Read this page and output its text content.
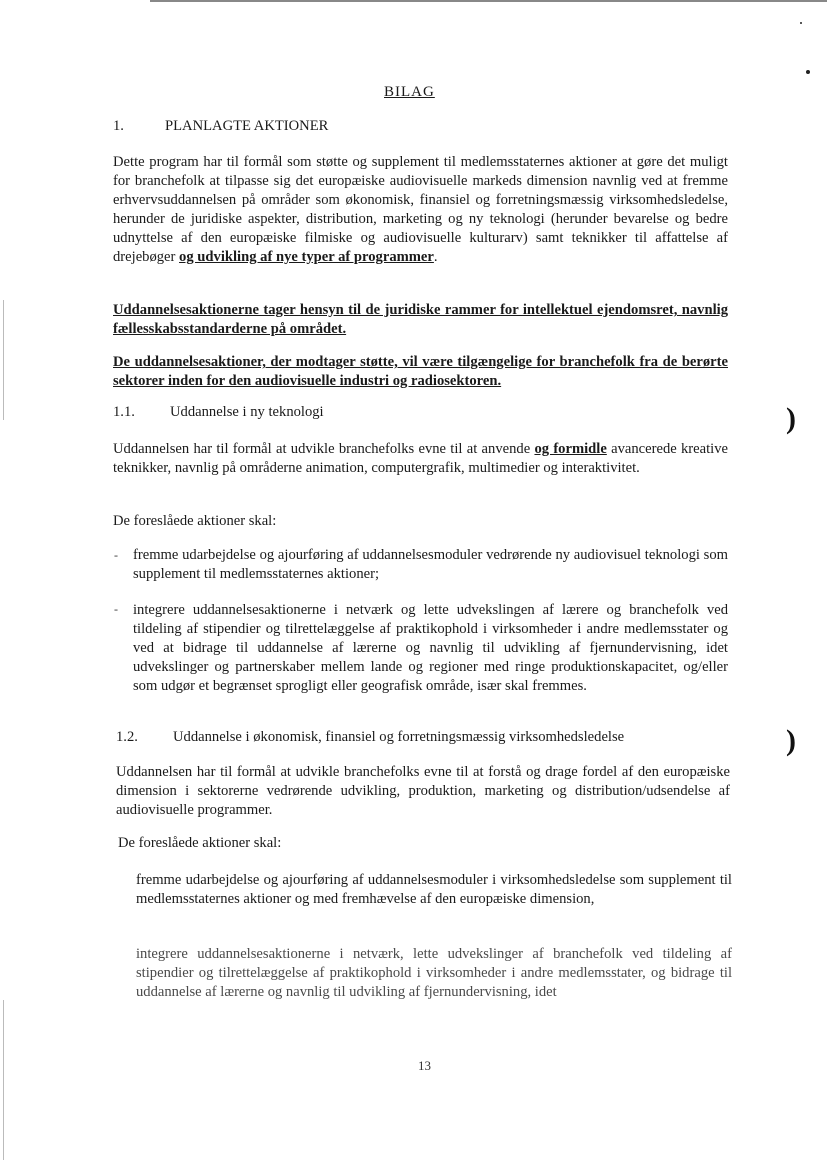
)
)
BILAG
1.	PLANLAGTE AKTIONER

Dette program har til formål som støtte og supplement til medlemsstaternes aktioner at gøre det muligt for branchefolk at tilpasse sig det europæiske audiovisuelle markeds dimension navnlig ved at fremme erhvervsuddannelsen på områder som økonomisk, finansiel og forretningsmæssig virksomhedsledelse, herunder de juridiske aspekter, distribution, marketing og ny teknologi (herunder bevarelse og bedre udnyttelse af den europæiske filmiske og audiovisuelle kulturarv) samt teknikker til affattelse af drejebøger og udvikling af nye typer af programmer.

Uddannelsesaktionerne tager hensyn til de juridiske rammer for intellektuel ejendomsret, navnlig fællesskabsstandarderne på området.

De uddannelsesaktioner, der modtager støtte, vil være tilgængelige for branchefolk fra de berørte sektorer inden for den audiovisuelle industri og radiosektoren.

1.1. Uddannelse i ny teknologi

Uddannelsen har til formål at udvikle branchefolks evne til at anvende og formidle avancerede kreative teknikker, navnlig på områderne animation, computergrafik, multimedier og interaktivitet.

De foreslåede aktioner skal:

- fremme udarbejdelse og ajourføring af uddannelsesmoduler vedrørende ny audiovisuel teknologi som supplement til medlemsstaternes aktioner;

- integrere uddannelsesaktionerne i netværk og lette udvekslingen af lærere og branchefolk ved tildeling af stipendier og tilrettelæggelse af praktikophold i virksomheder i andre medlemsstater og ved at bidrage til uddannelse af lærerne og navnlig til udvikling af fjernundervisning, idet udvekslinger og partnerskaber mellem lande og regioner med ringe produktionskapacitet, og/eller som udgør et begrænset sprogligt eller geografisk område, især skal fremmes.

1.2. Uddannelse i økonomisk, finansiel og forretningsmæssig virksomhedsledelse

Uddannelsen har til formål at udvikle branchefolks evne til at forstå og drage fordel af den europæiske dimension i sektorerne vedrørende udvikling, produktion, marketing og distribution/udsendelse af audiovisuelle programmer.

De foreslåede aktioner skal:

fremme udarbejdelse og ajourføring af uddannelsesmoduler i virksomhedsledelse som supplement til medlemsstaternes aktioner og med fremhævelse af den europæiske dimension,

integrere uddannelsesaktionerne i netværk, lette udvekslinger af branchefolk ved tildeling af stipendier og tilrettelæggelse af praktikophold i virksomheder i andre medlemsstater, og bidrage til uddannelse af lærerne og navnlig til udvikling af fjernundervisning, idet

13
